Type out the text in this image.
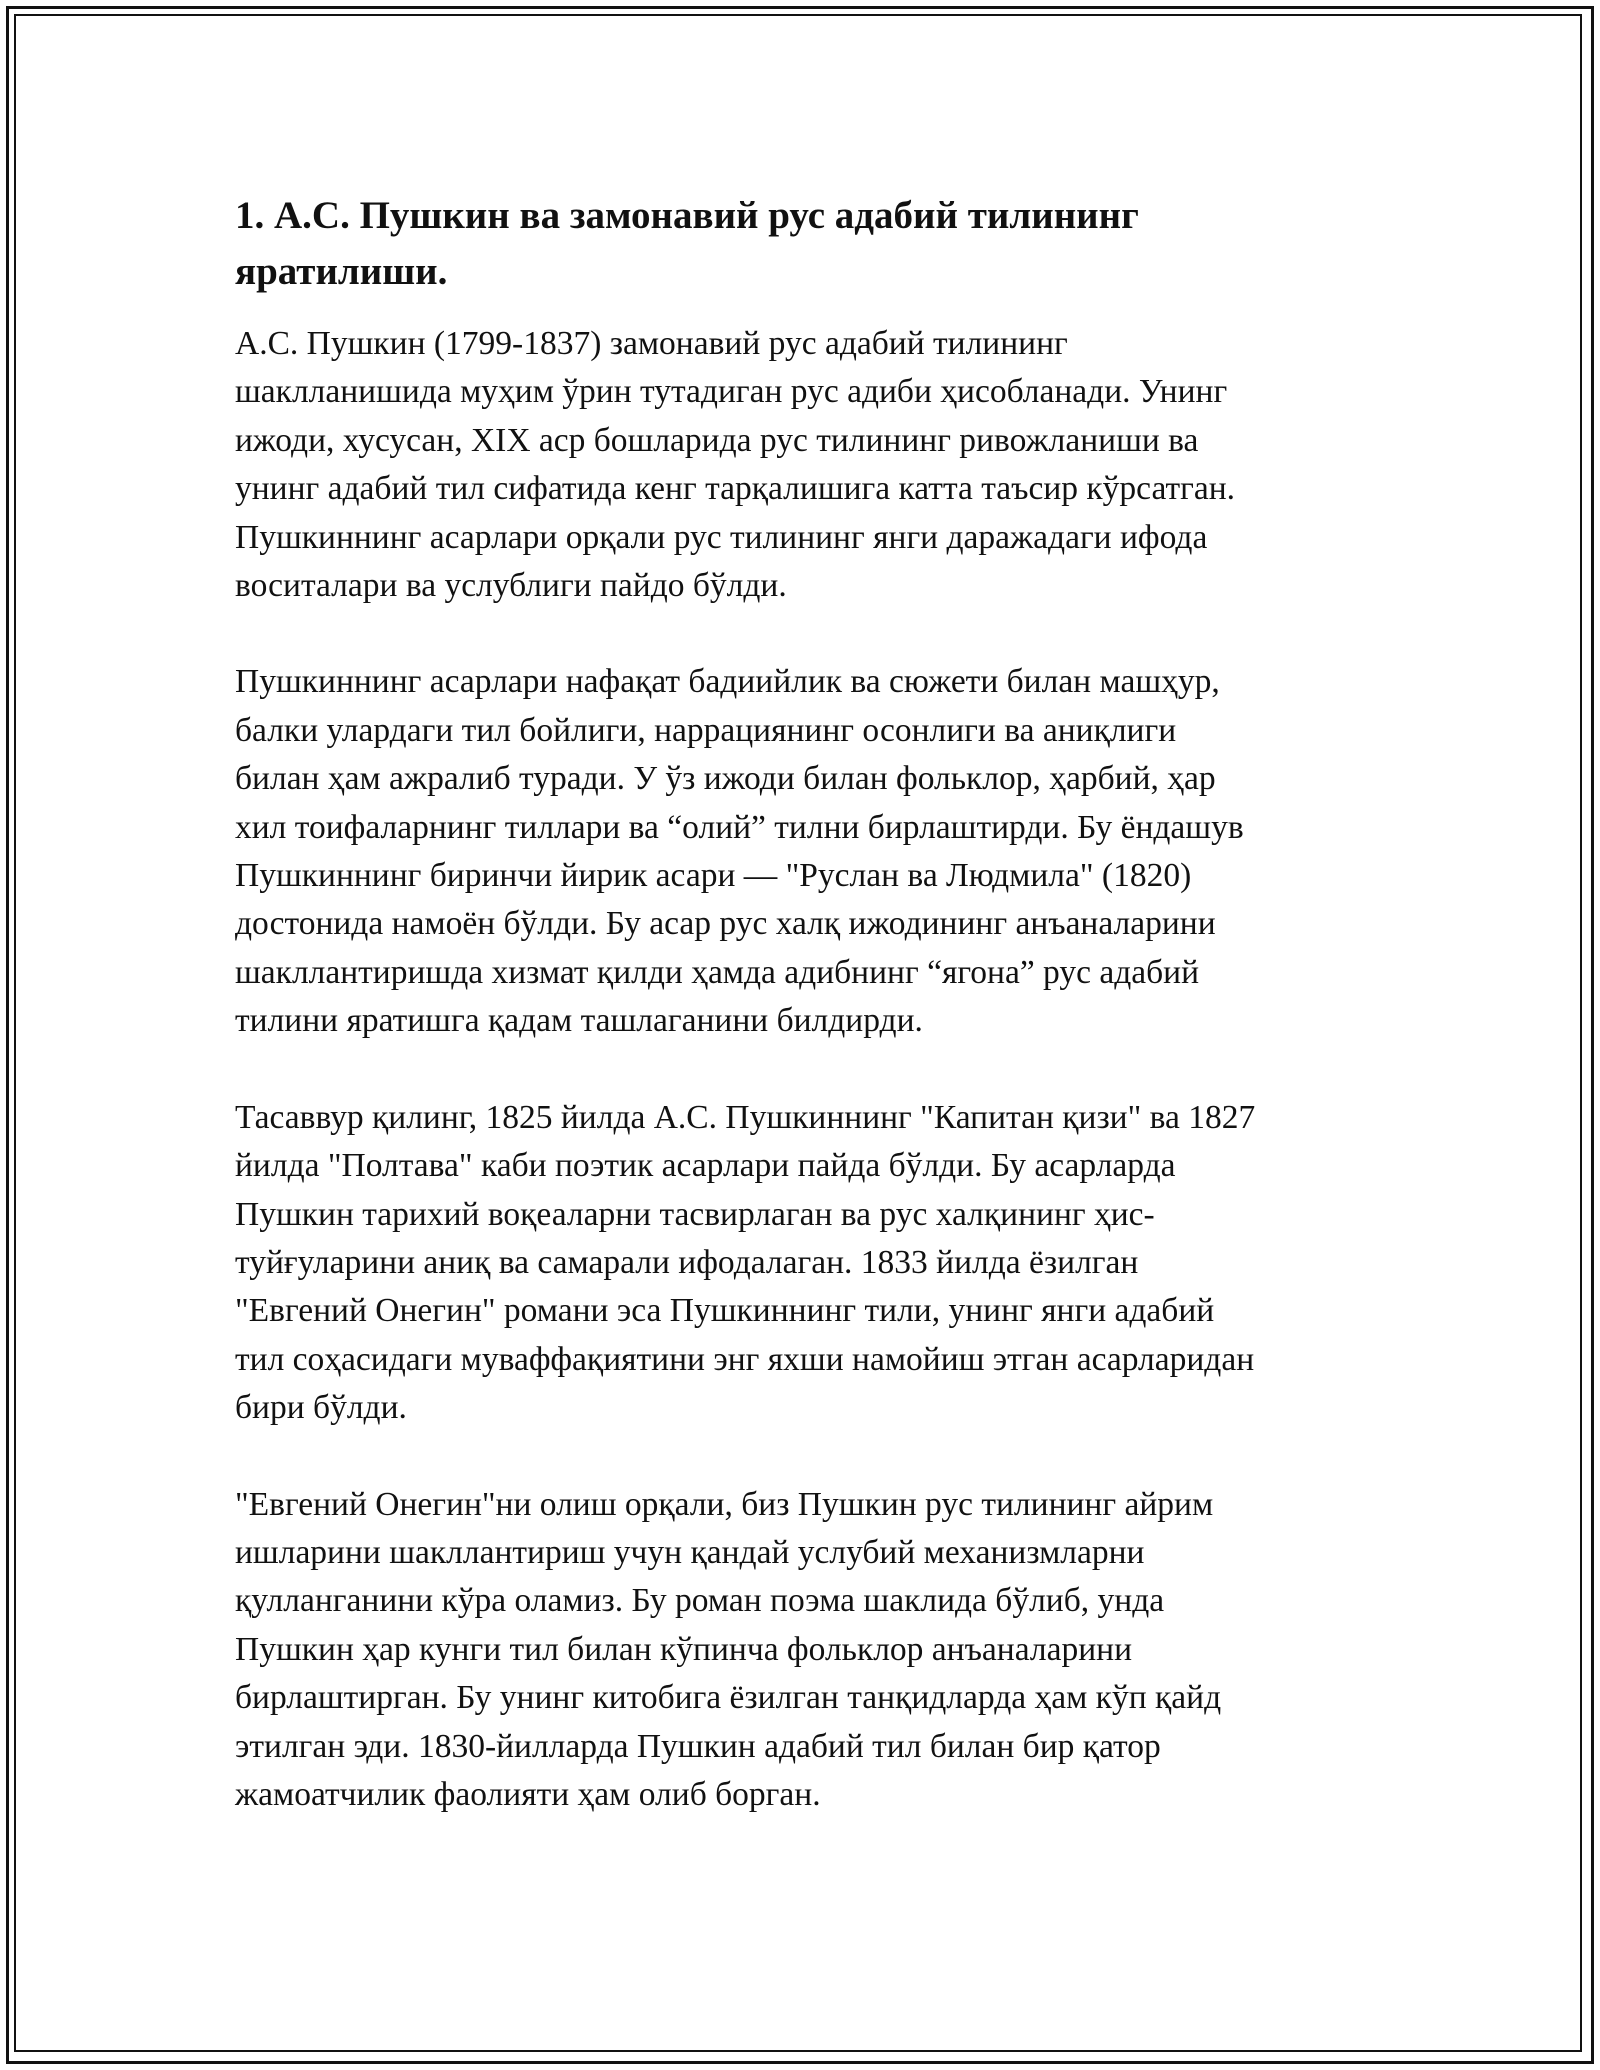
1. А.С. Пушкин ва замонавий рус адабий тилининг
яратилиши.

А.С. Пушкин (1799-1837) замонавий рус адабий тилининг
шаклланишида муҳим ўрин тутадиган рус адиби ҳисобланади. Унинг
ижоди, хусусан, XIX аср бошларида рус тилининг ривожланиши ва
унинг адабий тил сифатида кенг тарқалишига катта таъсир кўрсатган.
Пушкиннинг асарлари орқали рус тилининг янги даражадаги ифода
воситалари ва услублиги пайдо бўлди.

Пушкиннинг асарлари нафақат бадиийлик ва сюжети билан машҳур,
балки улардаги тил бойлиги, наррациянинг осонлиги ва аниқлиги
билан ҳам ажралиб туради. У ўз ижоди билан фольклор, ҳарбий, ҳар
хил тоифаларнинг тиллари ва “олий” тилни бирлаштирди. Бу ёндашув
Пушкиннинг биринчи йирик асари — "Руслан ва Людмила" (1820)
достонида намоён бўлди. Бу асар рус халқ ижодининг анъаналарини
шакллантиришда хизмат қилди ҳамда адибнинг “ягона” рус адабий
тилини яратишга қадам ташлаганини билдирди.

Тасаввур қилинг, 1825 йилда А.С. Пушкиннинг "Капитан қизи" ва 1827
йилда "Полтава" каби поэтик асарлари пайда бўлди. Бу асарларда
Пушкин тарихий воқеаларни тасвирлаган ва рус халқининг ҳис-
туйғуларини аниқ ва самарали ифодалаган. 1833 йилда ёзилган
"Евгений Онегин" романи эса Пушкиннинг тили, унинг янги адабий
тил соҳасидаги муваффақиятини энг яхши намойиш этган асарларидан
бири бўлди.

"Евгений Онегин"ни олиш орқали, биз Пушкин рус тилининг айрим
ишларини шакллантириш учун қандай услубий механизмларни
қулланганини кўра оламиз. Бу роман поэма шаклида бўлиб, унда
Пушкин ҳар кунги тил билан кўпинча фольклор анъаналарини
бирлаштирган. Бу унинг китобига ёзилган танқидларда ҳам кўп қайд
этилган эди. 1830-йилларда Пушкин адабий тил билан бир қатор
жамоатчилик фаолияти ҳам олиб борган.
